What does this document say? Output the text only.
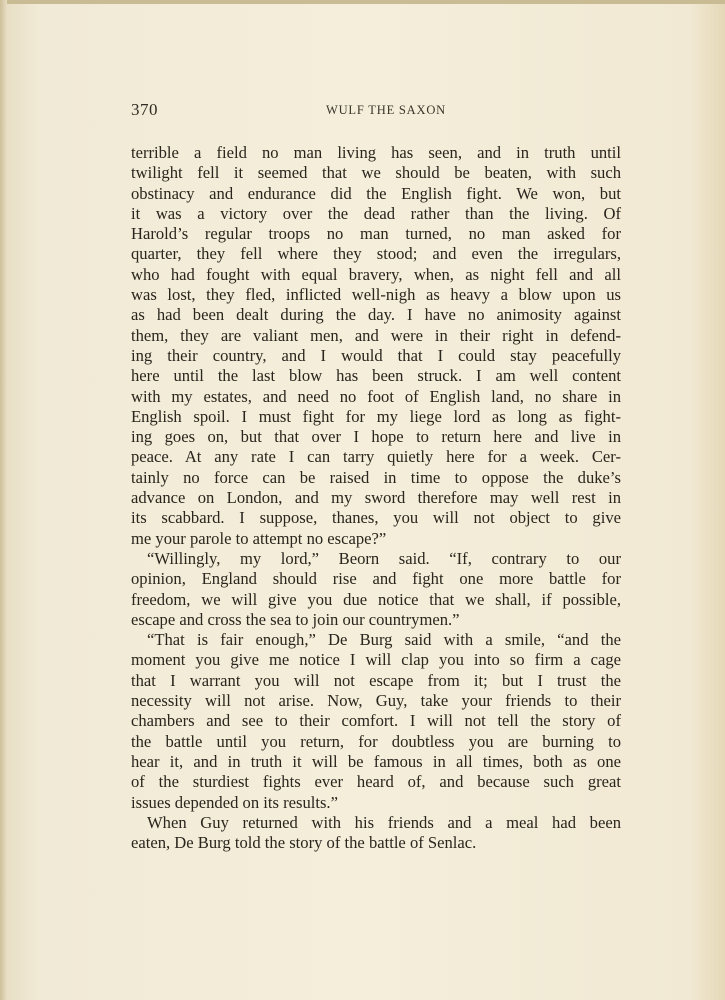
370	WULF THE SAXON
terrible a field no man living has seen, and in truth until
twilight fell it seemed that we should be beaten, with such
obstinacy and endurance did the English fight. We won, but
it was a victory over the dead rather than the living. Of
Harold’s regular troops no man turned, no man asked for
quarter, they fell where they stood; and even the irregulars,
who had fought with equal bravery, when, as night fell and all
was lost, they fled, inflicted well-nigh as heavy a blow upon us
as had been dealt during the day. I have no animosity against
them, they are valiant men, and were in their right in defend-
ing their country, and I would that I could stay peacefully
here until the last blow has been struck. I am well content
with my estates, and need no foot of English land, no share in
English spoil. I must fight for my liege lord as long as fight-
ing goes on, but that over I hope to return here and live in
peace. At any rate I can tarry quietly here for a week. Cer-
tainly no force can be raised in time to oppose the duke’s
advance on London, and my sword therefore may well rest in
its scabbard. I suppose, thanes, you will not object to give
me your parole to attempt no escape?”
“Willingly, my lord,” Beorn said. “If, contrary to our
opinion, England should rise and fight one more battle for
freedom, we will give you due notice that we shall, if possible,
escape and cross the sea to join our countrymen.”
“That is fair enough,” De Burg said with a smile, “and the
moment you give me notice I will clap you into so firm a cage
that I warrant you will not escape from it; but I trust the
necessity will not arise. Now, Guy, take your friends to their
chambers and see to their comfort. I will not tell the story of
the battle until you return, for doubtless you are burning to
hear it, and in truth it will be famous in all times, both as one
of the sturdiest fights ever heard of, and because such great
issues depended on its results.”
When Guy returned with his friends and a meal had been
eaten, De Burg told the story of the battle of Senlac.
